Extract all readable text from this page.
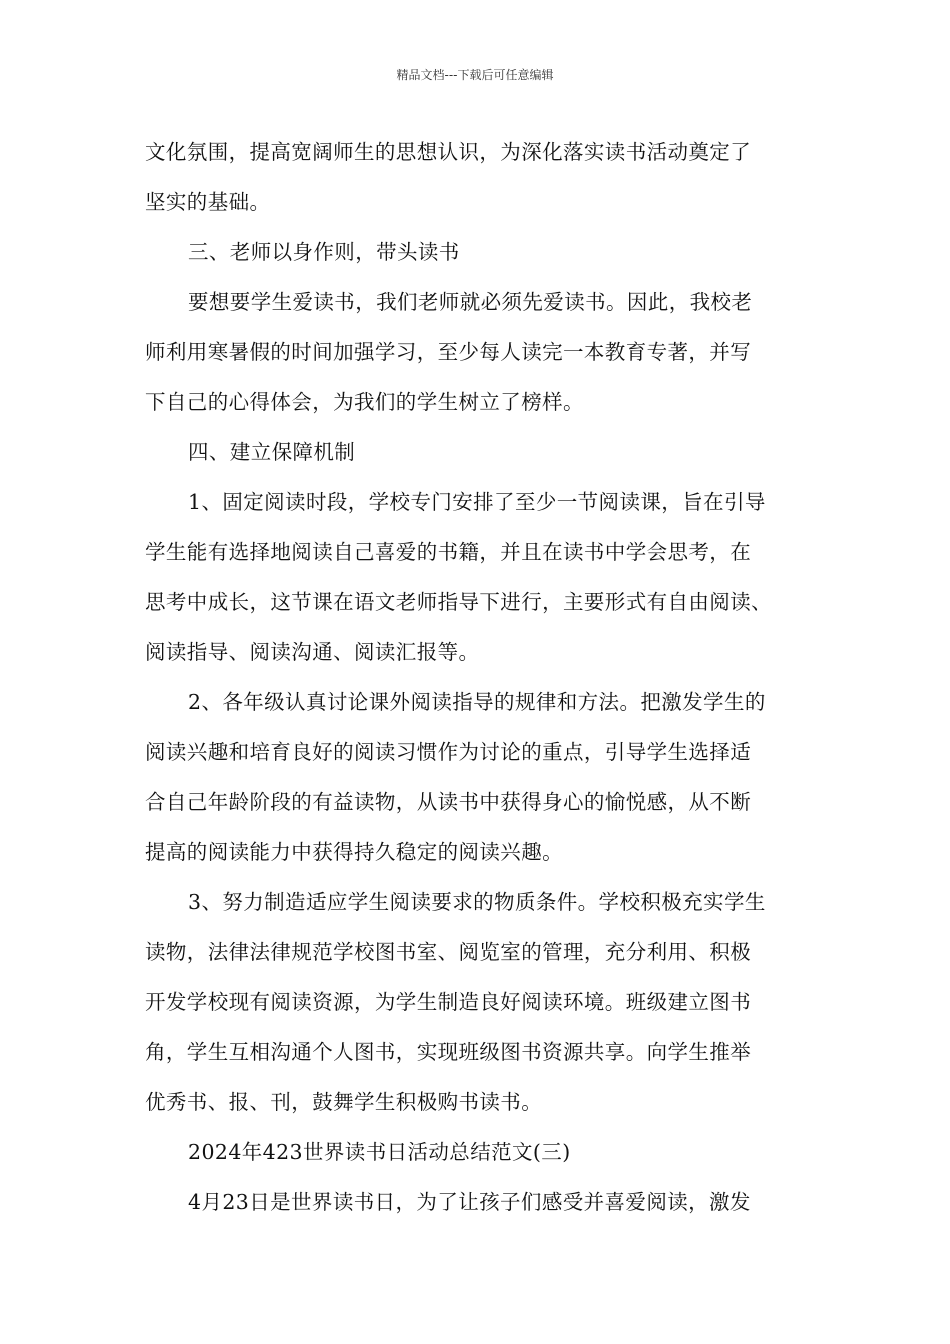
精品文档---下载后可任意编辑
文化氛围，提高宽阔师生的思想认识，为深化落实读书活动奠定了
坚实的基础。
三、老师以身作则，带头读书
要想要学生爱读书，我们老师就必须先爱读书。因此，我校老
师利用寒暑假的时间加强学习，至少每人读完一本教育专著，并写
下自己的心得体会，为我们的学生树立了榜样。
四、建立保障机制
1、固定阅读时段，学校专门安排了至少一节阅读课，旨在引导
学生能有选择地阅读自己喜爱的书籍，并且在读书中学会思考，在
思考中成长，这节课在语文老师指导下进行，主要形式有自由阅读、
阅读指导、阅读沟通、阅读汇报等。
2、各年级认真讨论课外阅读指导的规律和方法。把激发学生的
阅读兴趣和培育良好的阅读习惯作为讨论的重点，引导学生选择适
合自己年龄阶段的有益读物，从读书中获得身心的愉悦感，从不断
提高的阅读能力中获得持久稳定的阅读兴趣。
3、努力制造适应学生阅读要求的物质条件。学校积极充实学生
读物，法律法律规范学校图书室、阅览室的管理，充分利用、积极
开发学校现有阅读资源，为学生制造良好阅读环境。班级建立图书
角，学生互相沟通个人图书，实现班级图书资源共享。向学生推举
优秀书、报、刊，鼓舞学生积极购书读书。
2024年423世界读书日活动总结范文(三)
4月23日是世界读书日，为了让孩子们感受并喜爱阅读，激发
